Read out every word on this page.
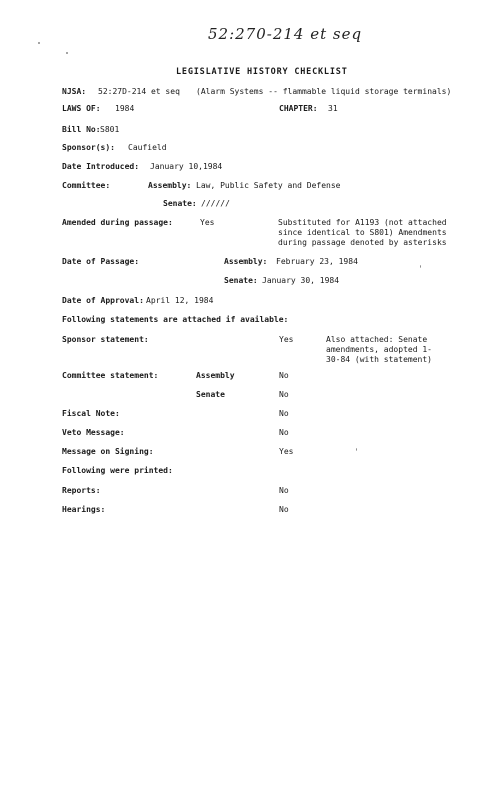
52:270-214 et seq
LEGISLATIVE HISTORY CHECKLIST
NJSA: 52:27D-214 et seq (Alarm Systems -- flammable liquid storage terminals)
LAWS OF: 1984	CHAPTER: 31
Bill No: S801
Sponsor(s): Caufield
Date Introduced: January 10,1984
Committee:	Assembly: Law, Public Safety and Defense
Senate: //////
Amended during passage:	Yes	Substituted for A1193 (not attached since identical to S801) Amendments during passage denoted by asterisks
Date of Passage:	Assembly: February 23, 1984
Senate: January 30, 1984
Date of Approval: April 12, 1984
Following statements are attached if available:
Sponsor statement:	Yes	Also attached: Senate amendments, adopted 1-30-84 (with statement)
Committee statement:	Assembly	No
Senate	No
Fiscal Note:	No
Veto Message:	No
Message on Signing:	Yes
Following were printed:
Reports:	No
Hearings:	No
